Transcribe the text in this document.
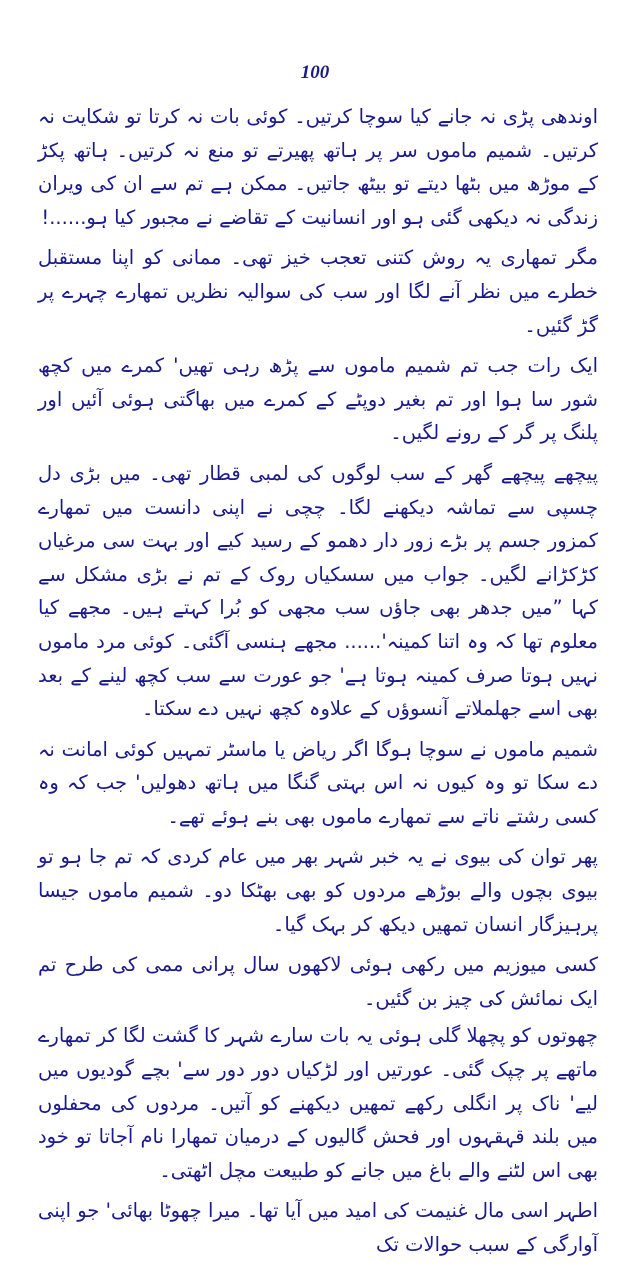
100

اوندھی پڑی نہ جانے کیا سوچا کرتیں۔ کوئی بات نہ کرتا تو شکایت نہ کرتیں۔ شمیم ماموں سر پر ہاتھ پھیرتے تو منع نہ کرتیں۔ ہاتھ پکڑ کے موڑھ میں بٹھا دیتے تو بیٹھ جاتیں۔ ممکن ہے تم سے ان کی ویران زندگی نہ دیکھی گئی ہو اور انسانیت کے تقاضے نے مجبور کیا ہو......!

مگر تمھاری یہ روش کتنی تعجب خیز تھی۔ ممانی کو اپنا مستقبل خطرے میں نظر آنے لگا اور سب کی سوالیہ نظریں تمھارے چہرے پر گڑ گئیں۔

ایک رات جب تم شمیم ماموں سے پڑھ رہی تھیں' کمرے میں کچھ شور سا ہوا اور تم بغیر دوپٹے کے کمرے میں بھاگتی ہوئی آئیں اور پلنگ پر گر کے رونے لگیں۔

پیچھے پیچھے گھر کے سب لوگوں کی لمبی قطار تھی۔ میں بڑی دل چسپی سے تماشہ دیکھنے لگا۔ چچی نے اپنی دانست میں تمھارے کمزور جسم پر بڑے زور دار دھمو کے رسید کیے اور بہت سی مرغیاں کڑکڑانے لگیں۔ جواب میں سسکیاں روک کے تم نے بڑی مشکل سے کہا ”میں جدھر بھی جاؤں سب مجھی کو بُرا کہتے ہیں۔ مجھے کیا معلوم تھا کہ وہ اتنا کمینہ'...... مجھے ہنسی آگئی۔ کوئی مرد ماموں نہیں ہوتا صرف کمینہ ہوتا ہے' جو عورت سے سب کچھ لینے کے بعد بھی اسے جھلملاتے آنسوؤں کے علاوہ کچھ نہیں دے سکتا۔

شمیم ماموں نے سوچا ہوگا اگر ریاض یا ماسٹر تمہیں کوئی امانت نہ دے سکا تو وہ کیوں نہ اس بہتی گنگا میں ہاتھ دھولیں' جب کہ وہ کسی رشتے ناتے سے تمھارے ماموں بھی بنے ہوئے تھے۔

پھر توان کی بیوی نے یہ خبر شہر بھر میں عام کردی کہ تم جا ہو تو بیوی بچوں والے بوڑھے مردوں کو بھی بھٹکا دو۔ شمیم ماموں جیسا پرہیزگار انسان تمھیں دیکھ کر بہک گیا۔

کسی میوزیم میں رکھی ہوئی لاکھوں سال پرانی ممی کی طرح تم ایک نمائش کی چیز بن گئیں۔

چھوتوں کو پچھلا گلی ہوئی یہ بات سارے شہر کا گشت لگا کر تمھارے ماتھے پر چپک گئی۔ عورتیں اور لڑکیاں دور دور سے' بچے گودیوں میں لیے' ناک پر انگلی رکھے تمھیں دیکھنے کو آتیں۔ مردوں کی محفلوں میں بلند قہقہوں اور فحش گالیوں کے درمیان تمھارا نام آجاتا تو خود بھی اس لٹنے والے باغ میں جانے کو طبیعت مچل اٹھتی۔

اطہر اسی مال غنیمت کی امید میں آیا تھا۔ میرا چھوٹا بھائی' جو اپنی آوارگی کے سبب حوالات تک
